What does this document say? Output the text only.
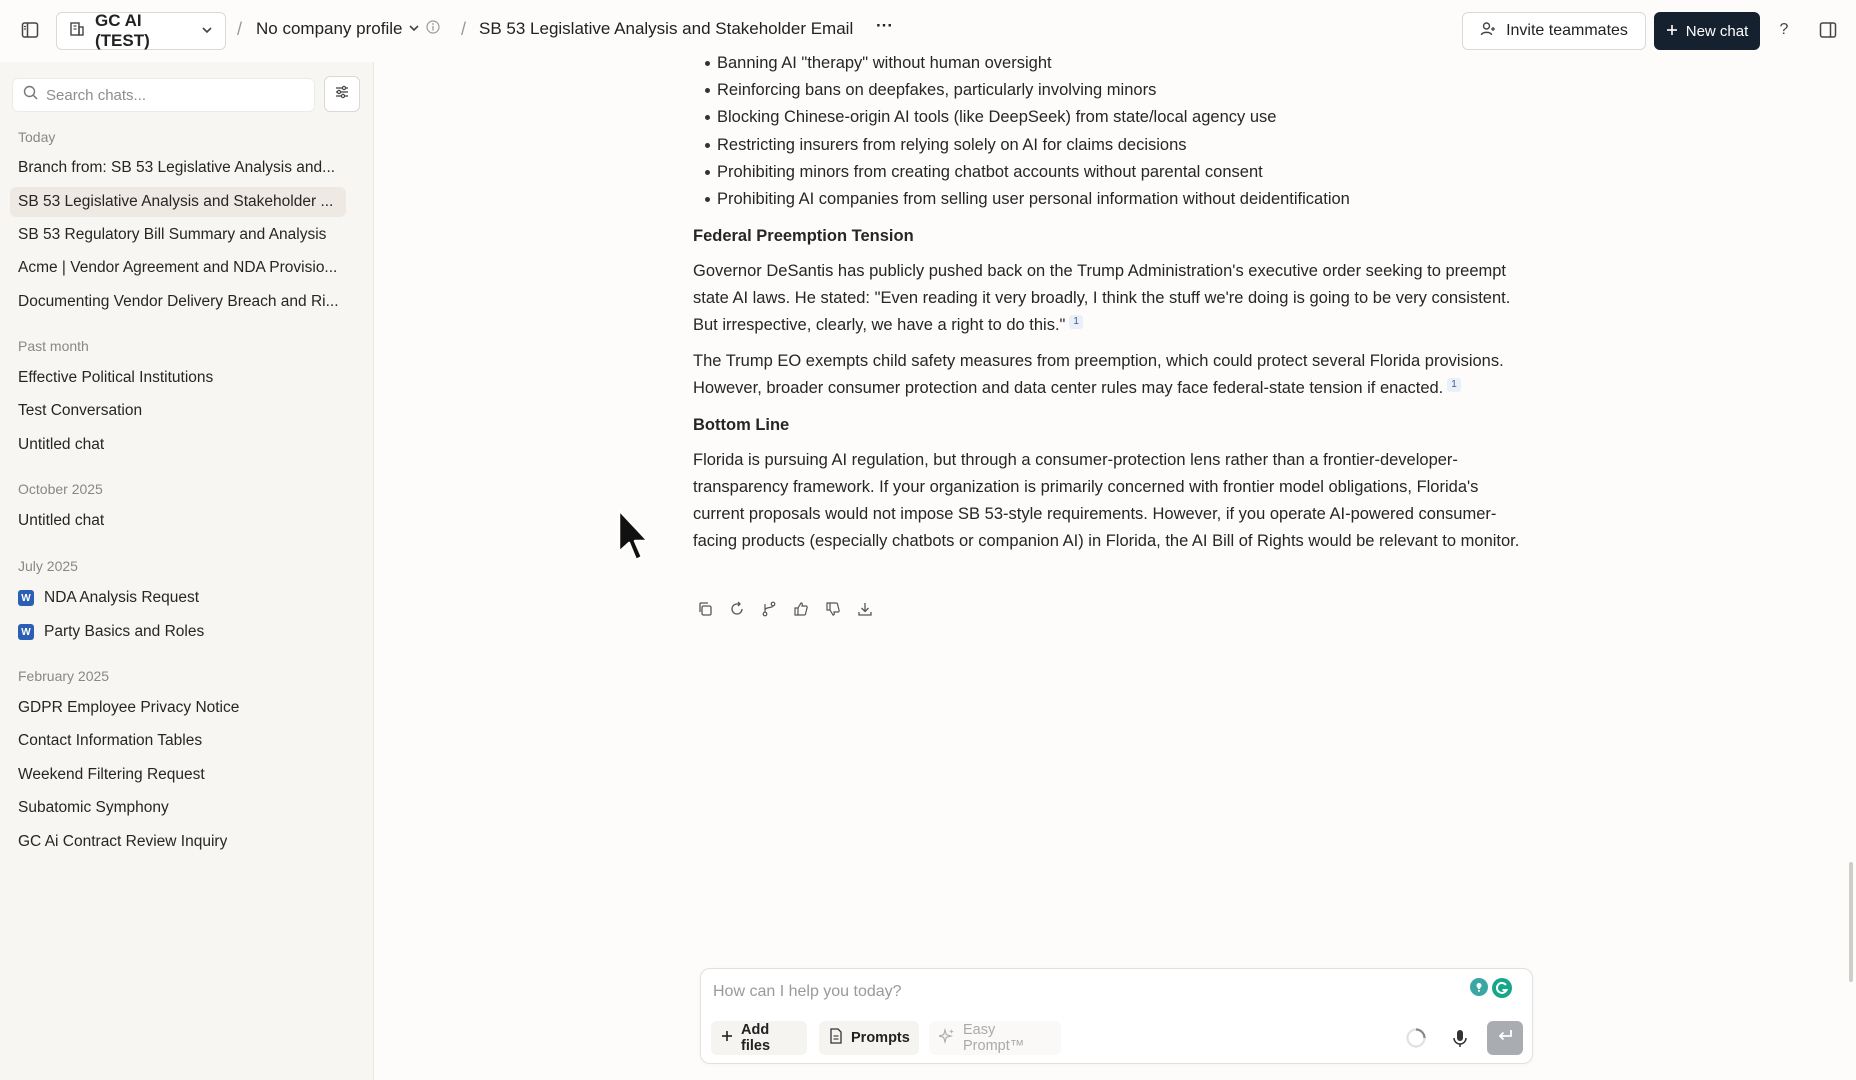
GC AI (TEST)
/ No company profile	/ SB 53 Legislative Analysis and Stakeholder Email ···	Invite teammates	New chat	?
Search chats...
Today
Branch from: SB 53 Legislative Analysis and...
SB 53 Legislative Analysis and Stakeholder ...
SB 53 Regulatory Bill Summary and Analysis
Acme | Vendor Agreement and NDA Provisio...
Documenting Vendor Delivery Breach and Ri...
Past month
Effective Political Institutions
Test Conversation
Untitled chat
October 2025
Untitled chat
July 2025
W NDA Analysis Request
W Party Basics and Roles
February 2025
GDPR Employee Privacy Notice
Contact Information Tables
Weekend Filtering Request
Subatomic Symphony
GC Ai Contract Review Inquiry
Banning AI "therapy" without human oversight
Reinforcing bans on deepfakes, particularly involving minors
Blocking Chinese-origin AI tools (like DeepSeek) from state/local agency use
Restricting insurers from relying solely on AI for claims decisions
Prohibiting minors from creating chatbot accounts without parental consent
Prohibiting AI companies from selling user personal information without deidentification
Federal Preemption Tension

Governor DeSantis has publicly pushed back on the Trump Administration's executive order seeking to preempt state AI laws. He stated: "Even reading it very broadly, I think the stuff we're doing is going to be very consistent. But irrespective, clearly, we have a right to do this." 1

The Trump EO exempts child safety measures from preemption, which could protect several Florida provisions. However, broader consumer protection and data center rules may face federal-state tension if enacted. 1

Bottom Line

Florida is pursuing AI regulation, but through a consumer-protection lens rather than a frontier-developer-transparency framework. If your organization is primarily concerned with frontier model obligations, Florida's current proposals would not impose SB 53-style requirements. However, if you operate AI-powered consumer-facing products (especially chatbots or companion AI) in Florida, the AI Bill of Rights would be relevant to monitor.

How can I help you today?
Add files	Prompts	Easy Prompt™
